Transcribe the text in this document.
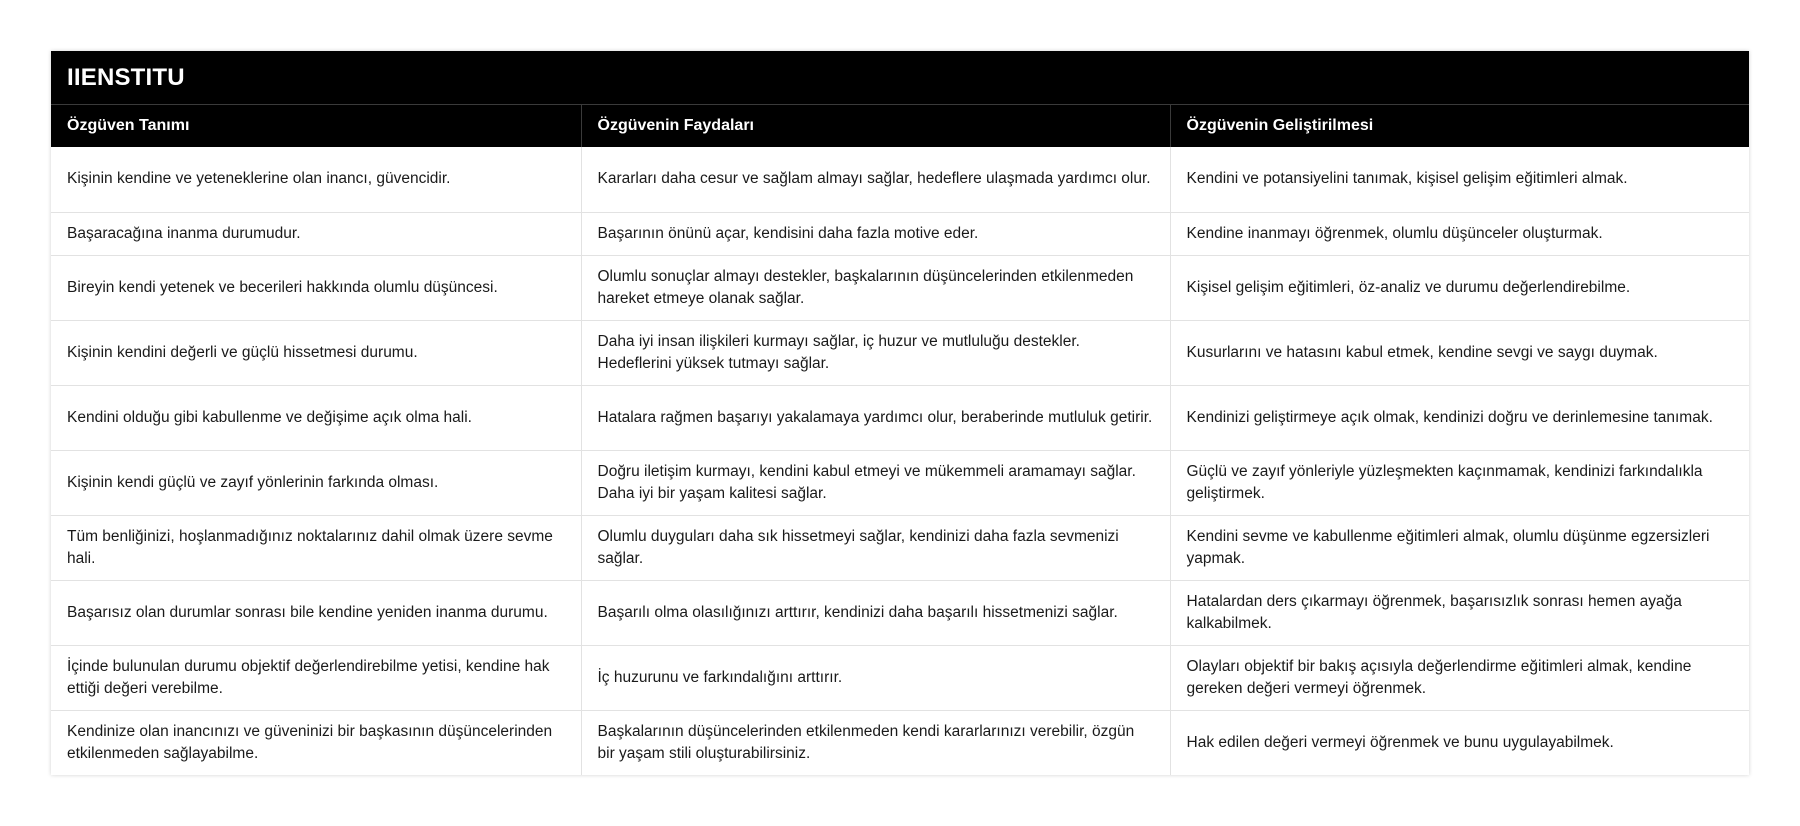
IIENSTITU
Özgüven Tanımı	Özgüvenin Faydaları	Özgüvenin Geliştirilmesi
Kişinin kendine ve yeteneklerine olan inancı, güvencidir.	Kararları daha cesur ve sağlam almayı sağlar, hedeflere ulaşmada yardımcı olur.	Kendini ve potansiyelini tanımak, kişisel gelişim eğitimleri almak.
Başaracağına inanma durumudur.	Başarının önünü açar, kendisini daha fazla motive eder.	Kendine inanmayı öğrenmek, olumlu düşünceler oluşturmak.
Bireyin kendi yetenek ve becerileri hakkında olumlu düşüncesi.	Olumlu sonuçlar almayı destekler, başkalarının düşüncelerinden etkilenmeden hareket etmeye olanak sağlar.	Kişisel gelişim eğitimleri, öz-analiz ve durumu değerlendirebilme.
Kişinin kendini değerli ve güçlü hissetmesi durumu.	Daha iyi insan ilişkileri kurmayı sağlar, iç huzur ve mutluluğu destekler. Hedeflerini yüksek tutmayı sağlar.	Kusurlarını ve hatasını kabul etmek, kendine sevgi ve saygı duymak.
Kendini olduğu gibi kabullenme ve değişime açık olma hali.	Hatalara rağmen başarıyı yakalamaya yardımcı olur, beraberinde mutluluk getirir.	Kendinizi geliştirmeye açık olmak, kendinizi doğru ve derinlemesine tanımak.
Kişinin kendi güçlü ve zayıf yönlerinin farkında olması.	Doğru iletişim kurmayı, kendini kabul etmeyi ve mükemmeli aramamayı sağlar. Daha iyi bir yaşam kalitesi sağlar.	Güçlü ve zayıf yönleriyle yüzleşmekten kaçınmamak, kendinizi farkındalıkla geliştirmek.
Tüm benliğinizi, hoşlanmadığınız noktalarınız dahil olmak üzere sevme hali.	Olumlu duyguları daha sık hissetmeyi sağlar, kendinizi daha fazla sevmenizi sağlar.	Kendini sevme ve kabullenme eğitimleri almak, olumlu düşünme egzersizleri yapmak.
Başarısız olan durumlar sonrası bile kendine yeniden inanma durumu.	Başarılı olma olasılığınızı arttırır, kendinizi daha başarılı hissetmenizi sağlar.	Hatalardan ders çıkarmayı öğrenmek, başarısızlık sonrası hemen ayağa kalkabilmek.
İçinde bulunulan durumu objektif değerlendirebilme yetisi, kendine hak ettiği değeri verebilme.	İç huzurunu ve farkındalığını arttırır.	Olayları objektif bir bakış açısıyla değerlendirme eğitimleri almak, kendine gereken değeri vermeyi öğrenmek.
Kendinize olan inancınızı ve güveninizi bir başkasının düşüncelerinden etkilenmeden sağlayabilme.	Başkalarının düşüncelerinden etkilenmeden kendi kararlarınızı verebilir, özgün bir yaşam stili oluşturabilirsiniz.	Hak edilen değeri vermeyi öğrenmek ve bunu uygulayabilmek.
